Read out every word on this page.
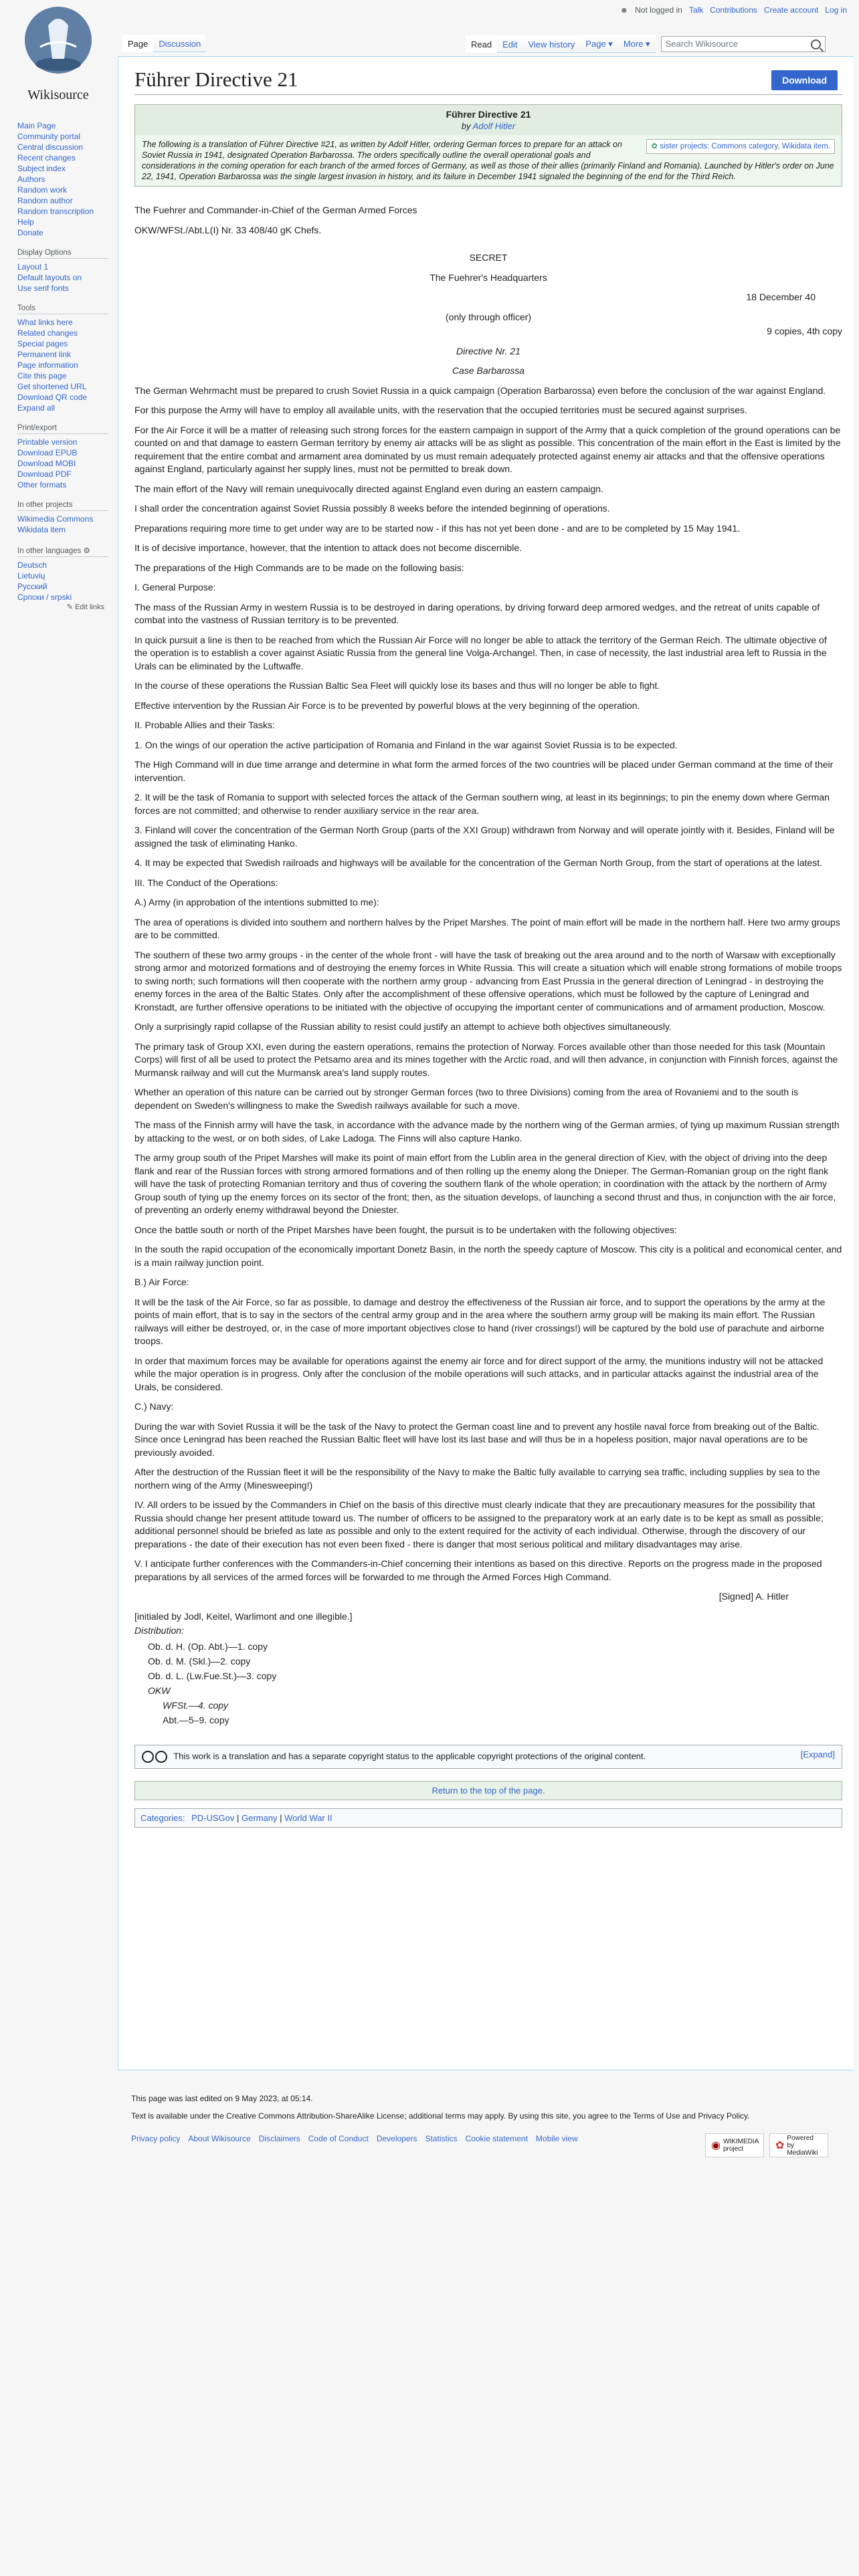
Wikisource
☻ Not logged in Talk Contributions Create account Log in
Page	Discussion	Read	Edit	View history	Page ▾	More ▾	Search Wikisource
Main Page
Community portal
Central discussion
Recent changes
Subject index
Authors
Random work
Random author
Random transcription
Help
Donate
Display Options
Layout 1
Default layouts on
Use serif fonts
Tools
What links here
Related changes
Special pages
Permanent link
Page information
Cite this page
Get shortened URL
Download QR code
Expand all
Print/export
Printable version
Download EPUB
Download MOBI
Download PDF
Other formats
In other projects
Wikimedia Commons
Wikidata item
In other languages ⚙
Deutsch
Lietuvių
Русский
Српски / srpski
✎ Edit links
Führer Directive 21	Download
Führer Directive 21
by Adolf Hitler
✿ sister projects: Commons category, Wikidata item.
The following is a translation of Führer Directive #21, as written by Adolf Hitler, ordering German forces to prepare for an attack on Soviet Russia in 1941, designated Operation Barbarossa. The orders specifically outline the overall operational goals and considerations in the coming operation for each branch of the armed forces of Germany, as well as those of their allies (primarily Finland and Romania). Launched by Hitler's order on June 22, 1941, Operation Barbarossa was the single largest invasion in history, and its failure in December 1941 signaled the beginning of the end for the Third Reich.

The Fuehrer and Commander-in-Chief of the German Armed Forces

OKW/WFSt./Abt.L(I) Nr. 33 408/40 gK Chefs.

SECRET

The Fuehrer's Headquarters

18 December 40

(only through officer)

9 copies, 4th copy

Directive Nr. 21

Case Barbarossa

The German Wehrmacht must be prepared to crush Soviet Russia in a quick campaign (Operation Barbarossa) even before the conclusion of the war against England.

For this purpose the Army will have to employ all available units, with the reservation that the occupied territories must be secured against surprises.

For the Air Force it will be a matter of releasing such strong forces for the eastern campaign in support of the Army that a quick completion of the ground operations can be counted on and that damage to eastern German territory by enemy air attacks will be as slight as possible. This concentration of the main effort in the East is limited by the requirement that the entire combat and armament area dominated by us must remain adequately protected against enemy air attacks and that the offensive operations against England, particularly against her supply lines, must not be permitted to break down.

The main effort of the Navy will remain unequivocally directed against England even during an eastern campaign.

I shall order the concentration against Soviet Russia possibly 8 weeks before the intended beginning of operations.

Preparations requiring more time to get under way are to be started now - if this has not yet been done - and are to be completed by 15 May 1941.

It is of decisive importance, however, that the intention to attack does not become discernible.

The preparations of the High Commands are to be made on the following basis:

I. General Purpose:

The mass of the Russian Army in western Russia is to be destroyed in daring operations, by driving forward deep armored wedges, and the retreat of units capable of combat into the vastness of Russian territory is to be prevented.

In quick pursuit a line is then to be reached from which the Russian Air Force will no longer be able to attack the territory of the German Reich. The ultimate objective of the operation is to establish a cover against Asiatic Russia from the general line Volga-Archangel. Then, in case of necessity, the last industrial area left to Russia in the Urals can be eliminated by the Luftwaffe.

In the course of these operations the Russian Baltic Sea Fleet will quickly lose its bases and thus will no longer be able to fight.

Effective intervention by the Russian Air Force is to be prevented by powerful blows at the very beginning of the operation.

II. Probable Allies and their Tasks:

1. On the wings of our operation the active participation of Romania and Finland in the war against Soviet Russia is to be expected.

The High Command will in due time arrange and determine in what form the armed forces of the two countries will be placed under German command at the time of their intervention.

2. It will be the task of Romania to support with selected forces the attack of the German southern wing, at least in its beginnings; to pin the enemy down where German forces are not committed; and otherwise to render auxiliary service in the rear area.

3. Finland will cover the concentration of the German North Group (parts of the XXI Group) withdrawn from Norway and will operate jointly with it. Besides, Finland will be assigned the task of eliminating Hanko.

4. It may be expected that Swedish railroads and highways will be available for the concentration of the German North Group, from the start of operations at the latest.

III. The Conduct of the Operations:

A.) Army (in approbation of the intentions submitted to me):

The area of operations is divided into southern and northern halves by the Pripet Marshes. The point of main effort will be made in the northern half. Here two army groups are to be committed.

The southern of these two army groups - in the center of the whole front - will have the task of breaking out the area around and to the north of Warsaw with exceptionally strong armor and motorized formations and of destroying the enemy forces in White Russia. This will create a situation which will enable strong formations of mobile troops to swing north; such formations will then cooperate with the northern army group - advancing from East Prussia in the general direction of Leningrad - in destroying the enemy forces in the area of the Baltic States. Only after the accomplishment of these offensive operations, which must be followed by the capture of Leningrad and Kronstadt, are further offensive operations to be initiated with the objective of occupying the important center of communications and of armament production, Moscow.

Only a surprisingly rapid collapse of the Russian ability to resist could justify an attempt to achieve both objectives simultaneously.

The primary task of Group XXI, even during the eastern operations, remains the protection of Norway. Forces available other than those needed for this task (Mountain Corps) will first of all be used to protect the Petsamo area and its mines together with the Arctic road, and will then advance, in conjunction with Finnish forces, against the Murmansk railway and will cut the Murmansk area's land supply routes.

Whether an operation of this nature can be carried out by stronger German forces (two to three Divisions) coming from the area of Rovaniemi and to the south is dependent on Sweden's willingness to make the Swedish railways available for such a move.

The mass of the Finnish army will have the task, in accordance with the advance made by the northern wing of the German armies, of tying up maximum Russian strength by attacking to the west, or on both sides, of Lake Ladoga. The Finns will also capture Hanko.

The army group south of the Pripet Marshes will make its point of main effort from the Lublin area in the general direction of Kiev, with the object of driving into the deep flank and rear of the Russian forces with strong armored formations and of then rolling up the enemy along the Dnieper. The German-Romanian group on the right flank will have the task of protecting Romanian territory and thus of covering the southern flank of the whole operation; in coordination with the attack by the northern of Army Group south of tying up the enemy forces on its sector of the front; then, as the situation develops, of launching a second thrust and thus, in conjunction with the air force, of preventing an orderly enemy withdrawal beyond the Dniester.

Once the battle south or north of the Pripet Marshes have been fought, the pursuit is to be undertaken with the following objectives:

In the south the rapid occupation of the economically important Donetz Basin, in the north the speedy capture of Moscow. This city is a political and economical center, and is a main railway junction point.

B.) Air Force:

It will be the task of the Air Force, so far as possible, to damage and destroy the effectiveness of the Russian air force, and to support the operations by the army at the points of main effort, that is to say in the sectors of the central army group and in the area where the southern army group will be making its main effort. The Russian railways will either be destroyed, or, in the case of more important objectives close to hand (river crossings!) will be captured by the bold use of parachute and airborne troops.

In order that maximum forces may be available for operations against the enemy air force and for direct support of the army, the munitions industry will not be attacked while the major operation is in progress. Only after the conclusion of the mobile operations will such attacks, and in particular attacks against the industrial area of the Urals, be considered.

C.) Navy:

During the war with Soviet Russia it will be the task of the Navy to protect the German coast line and to prevent any hostile naval force from breaking out of the Baltic. Since once Leningrad has been reached the Russian Baltic fleet will have lost its last base and will thus be in a hopeless position, major naval operations are to be previously avoided.

After the destruction of the Russian fleet it will be the responsibility of the Navy to make the Baltic fully available to carrying sea traffic, including supplies by sea to the northern wing of the Army (Minesweeping!)

IV. All orders to be issued by the Commanders in Chief on the basis of this directive must clearly indicate that they are precautionary measures for the possibility that Russia should change her present attitude toward us. The number of officers to be assigned to the preparatory work at an early date is to be kept as small as possible; additional personnel should be briefed as late as possible and only to the extent required for the activity of each individual. Otherwise, through the discovery of our preparations - the date of their execution has not even been fixed - there is danger that most serious political and military disadvantages may arise.

V. I anticipate further conferences with the Commanders-in-Chief concerning their intentions as based on this directive. Reports on the progress made in the proposed preparations by all services of the armed forces will be forwarded to me through the Armed Forces High Command.

[Signed] A. Hitler

[initialed by Jodl, Keitel, Warlimont and one illegible.]

Distribution:

Ob. d. H. (Op. Abt.)—1. copy
Ob. d. M. (Skl.)—2. copy
Ob. d. L. (Lw.Fue.St.)—3. copy
OKW
WFSt.—4. copy
Abt.—5–9. copy
This work is a translation and has a separate copyright status to the applicable copyright protections of the original content.	[Expand]
Return to the top of the page.
Categories: PD-USGov | Germany | World War II
This page was last edited on 9 May 2023, at 05:14.
Text is available under the Creative Commons Attribution-ShareAlike License; additional terms may apply. By using this site, you agree to the Terms of Use and Privacy Policy.
Privacy policy About Wikisource Disclaimers Code of Conduct Developers Statistics Cookie statement Mobile view
◉ WIKIMEDIA project	✿
Powered by MediaWiki
